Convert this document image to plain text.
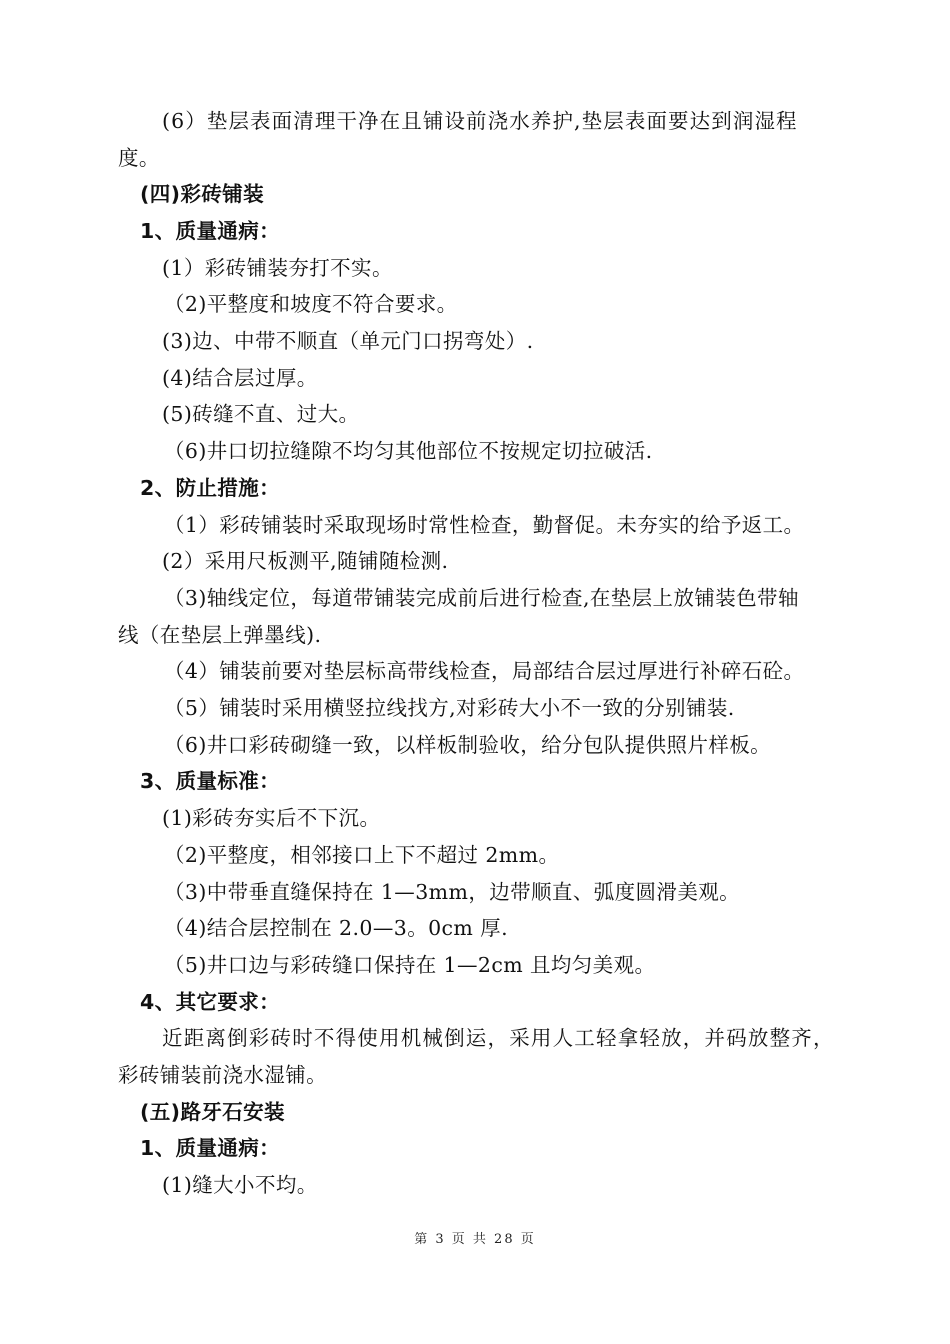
(6）垫层表面清理干净在且铺设前浇水养护,垫层表面要达到润湿程
度。
(四)彩砖铺装
1、质量通病：
(1）彩砖铺装夯打不实。
（2)平整度和坡度不符合要求。
(3)边、中带不顺直（单元门口拐弯处）.
(4)结合层过厚。
(5)砖缝不直、过大。
（6)井口切拉缝隙不均匀其他部位不按规定切拉破活.
2、防止措施：
（1）彩砖铺装时采取现场时常性检查，勤督促。未夯实的给予返工。
(2）采用尺板测平,随铺随检测.
（3)轴线定位，每道带铺装完成前后进行检查,在垫层上放铺装色带轴
线（在垫层上弹墨线).
（4）铺装前要对垫层标高带线检查，局部结合层过厚进行补碎石砼。
（5）铺装时采用横竖拉线找方,对彩砖大小不一致的分别铺装.
（6)井口彩砖砌缝一致，以样板制验收，给分包队提供照片样板。
3、质量标准：
(1)彩砖夯实后不下沉。
（2)平整度，相邻接口上下不超过 2mm。
（3)中带垂直缝保持在 1—3mm，边带顺直、弧度圆滑美观。
（4)结合层控制在 2.0—3。0cm 厚.
（5)井口边与彩砖缝口保持在 1—2cm 且均匀美观。
4、其它要求：
近距离倒彩砖时不得使用机械倒运，采用人工轻拿轻放，并码放整齐，
彩砖铺装前浇水湿铺。
(五)路牙石安装
1、质量通病：
(1)缝大小不均。
第 3 页 共 28 页
